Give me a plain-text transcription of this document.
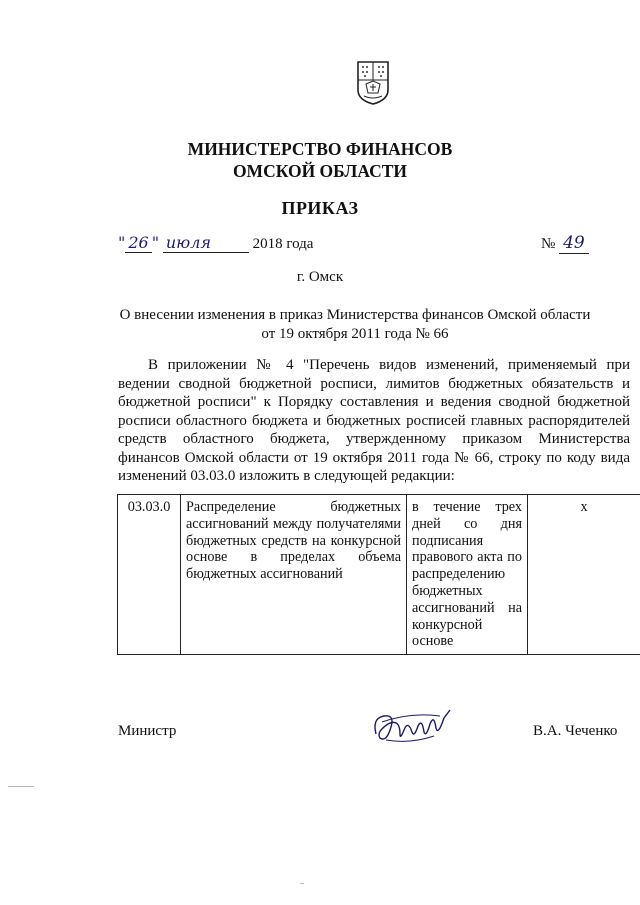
МИНИСТЕРСТВО ФИНАНСОВ
ОМСКОЙ ОБЛАСТИ
ПРИКАЗ
" 26 " июля	2018 года	№ 49
г. Омск
О внесении изменения в приказ Министерства финансов Омской области
от 19 октября 2011 года № 66
В приложении № 4 "Перечень видов изменений, применяемый при ведении сводной бюджетной росписи, лимитов бюджетных обязательств и бюджетной росписи" к Порядку составления и ведения сводной бюджетной росписи областного бюджета и бюджетных росписей главных распорядителей средств областного бюджета, утвержденному приказом Министерства финансов Омской области от 19 октября 2011 года № 66, строку по коду вида изменений 03.03.0 изложить в следующей редакции:
03.03.0	Распределение бюджетных ассигнований между получателями бюджетных средств на конкурсной основе в пределах объема бюджетных ассигнований	в течение трех дней со дня подписания правового акта по распределению бюджетных ассигнований на конкурсной основе	x
Министр	В.А. Чеченко
